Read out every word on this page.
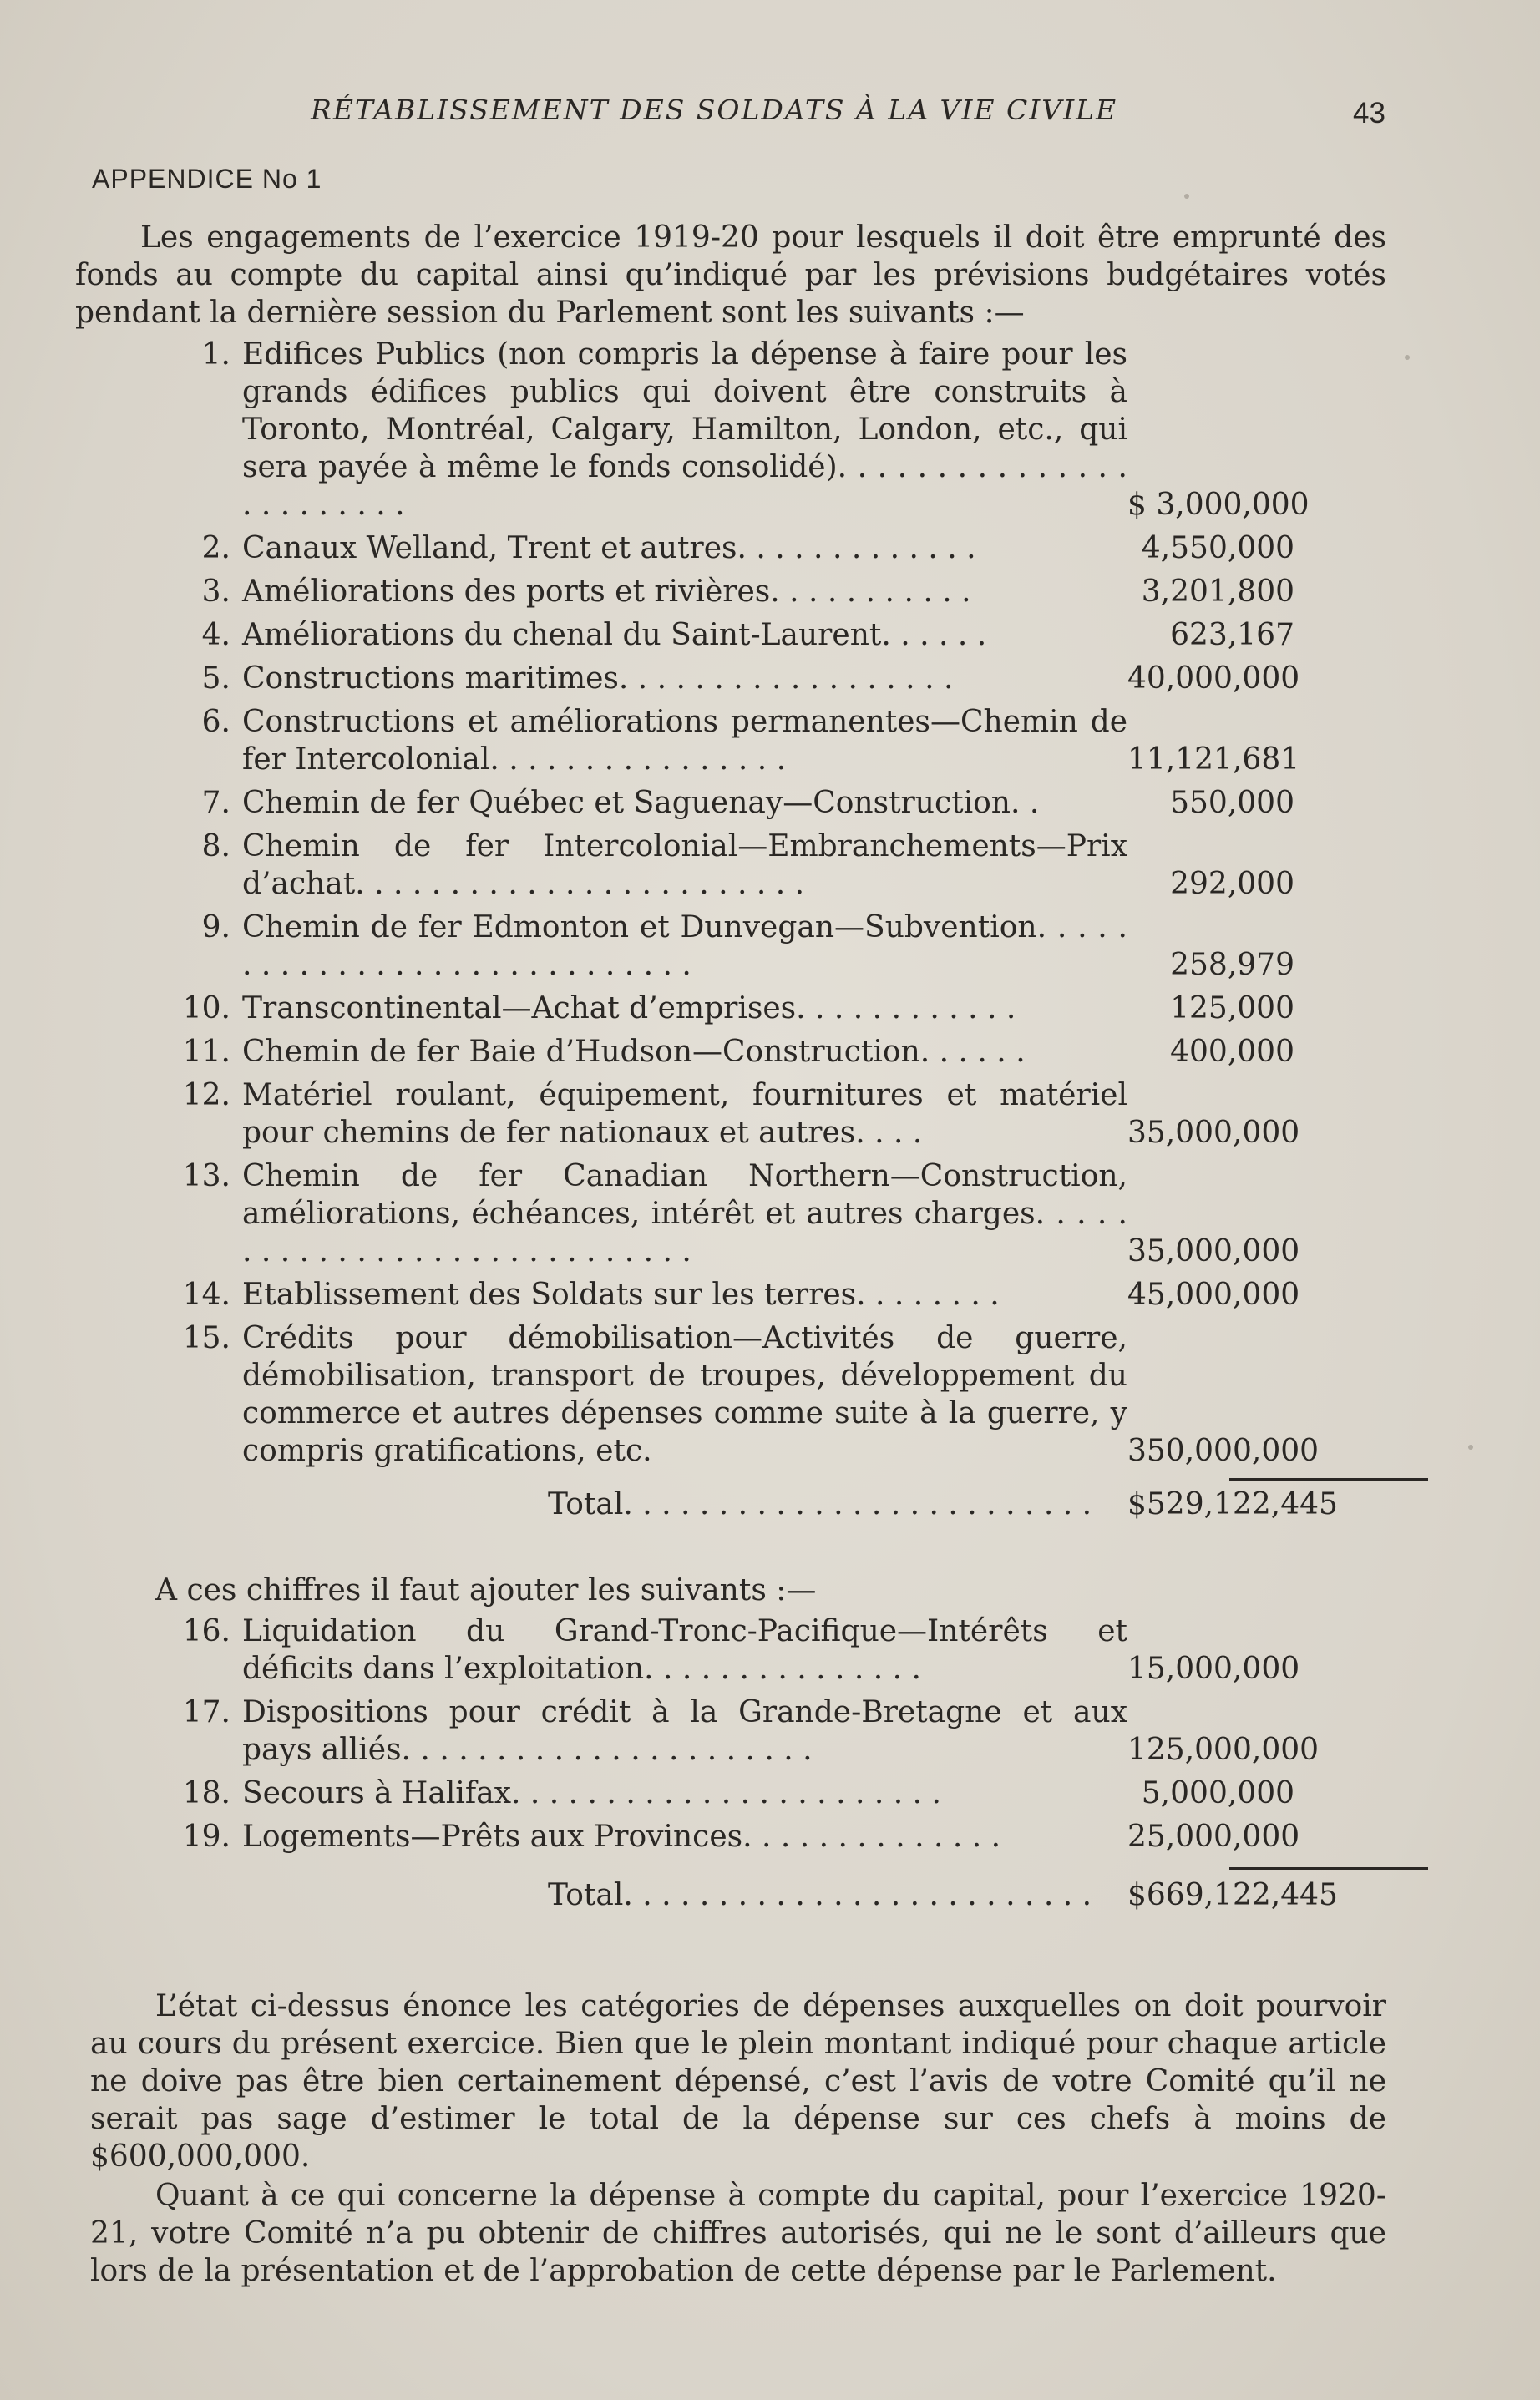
RÉTABLISSEMENT DES SOLDATS À LA VIE CIVILE	43
APPENDICE No 1
Les engagements de l’exercice 1919-20 pour lesquels il doit être emprunté des fonds au compte du capital ainsi qu’indiqué par les prévisions budgétaires votés pendant la dernière session du Parlement sont les suivants :—
1. Edifices Publics (non compris la dépense à faire pour les grands édifices publics qui doivent être construits à Toronto, Montréal, Calgary, Hamilton, London, etc., qui sera payée à même le fonds consolidé). . . . . . . . . . . . . . . . . . . . . . . .	$ 3,000,000
2. Canaux Welland, Trent et autres. . . . . . . . . . . . .	4,550,000
3. Améliorations des ports et rivières. . . . . . . . . . .	3,201,800
4. Améliorations du chenal du Saint-Laurent. . . . . .	623,167
5. Constructions maritimes. . . . . . . . . . . . . . . . . .	40,000,000
6. Constructions et améliorations permanentes—Chemin de fer Intercolonial. . . . . . . . . . . . . . . .	11,121,681
7. Chemin de fer Québec et Saguenay—Construction. .	550,000
8. Chemin de fer Intercolonial—Embranchements—Prix d’achat. . . . . . . . . . . . . . . . . . . . . . . .	292,000
9. Chemin de fer Edmonton et Dunvegan—Subvention. . . . . . . . . . . . . . . . . . . . . . . . . . . . .	258,979
10. Transcontinental—Achat d’emprises. . . . . . . . . . . .	125,000
11. Chemin de fer Baie d’Hudson—Construction. . . . . .	400,000
12. Matériel roulant, équipement, fournitures et matériel pour chemins de fer nationaux et autres. . . .	35,000,000
13. Chemin de fer Canadian Northern—Construction, améliorations, échéances, intérêt et autres charges. . . . . . . . . . . . . . . . . . . . . . . . . . . . .	35,000,000
14. Etablissement des Soldats sur les terres. . . . . . . .	45,000,000
15. Crédits pour démobilisation—Activités de guerre, démobilisation, transport de troupes, développement du commerce et autres dépenses comme suite à la guerre, y compris gratifications, etc.	350,000,000
Total. . . . . . . . . . . . . . . . . . . . . . . . .	$529,122,445
A ces chiffres il faut ajouter les suivants :—
16. Liquidation du Grand-Tronc-Pacifique—Intérêts et déficits dans l’exploitation. . . . . . . . . . . . . . .	15,000,000
17. Dispositions pour crédit à la Grande-Bretagne et aux pays alliés. . . . . . . . . . . . . . . . . . . . . .	125,000,000
18. Secours à Halifax. . . . . . . . . . . . . . . . . . . . . . .	5,000,000
19. Logements—Prêts aux Provinces. . . . . . . . . . . . . .	25,000,000
Total. . . . . . . . . . . . . . . . . . . . . . . . .	$669,122,445

L’état ci-dessus énonce les catégories de dépenses auxquelles on doit pourvoir au cours du présent exercice. Bien que le plein montant indiqué pour chaque article ne doive pas être bien certainement dépensé, c’est l’avis de votre Comité qu’il ne serait pas sage d’estimer le total de la dépense sur ces chefs à moins de $600,000,000.

Quant à ce qui concerne la dépense à compte du capital, pour l’exercice 1920-21, votre Comité n’a pu obtenir de chiffres autorisés, qui ne le sont d’ailleurs que lors de la présentation et de l’approbation de cette dépense par le Parlement.
